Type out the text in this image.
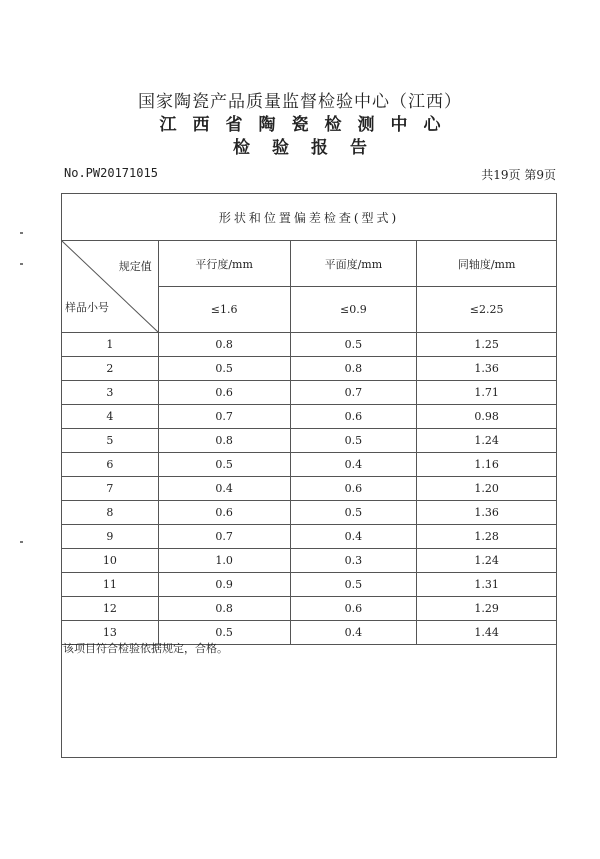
国家陶瓷产品质量监督检验中心（江西）
江西省陶瓷检测中心
检验报告
No.PW20171015	共19页 第9页
形状和位置偏差检查(型式)			

规定值
样品小号	平行度/mm	平面度/mm	同轴度/mm
	≤1.6	≤0.9	≤2.25
1	0.8	0.5	1.25
2	0.5	0.8	1.36
3	0.6	0.7	1.71
4	0.7	0.6	0.98
5	0.8	0.5	1.24
6	0.5	0.4	1.16
7	0.4	0.6	1.20
8	0.6	0.5	1.36
9	0.7	0.4	1.28
10	1.0	0.3	1.24
11	0.9	0.5	1.31
12	0.8	0.6	1.29
13	0.5	0.4	1.44
该项目符合检验依据规定，合格。
